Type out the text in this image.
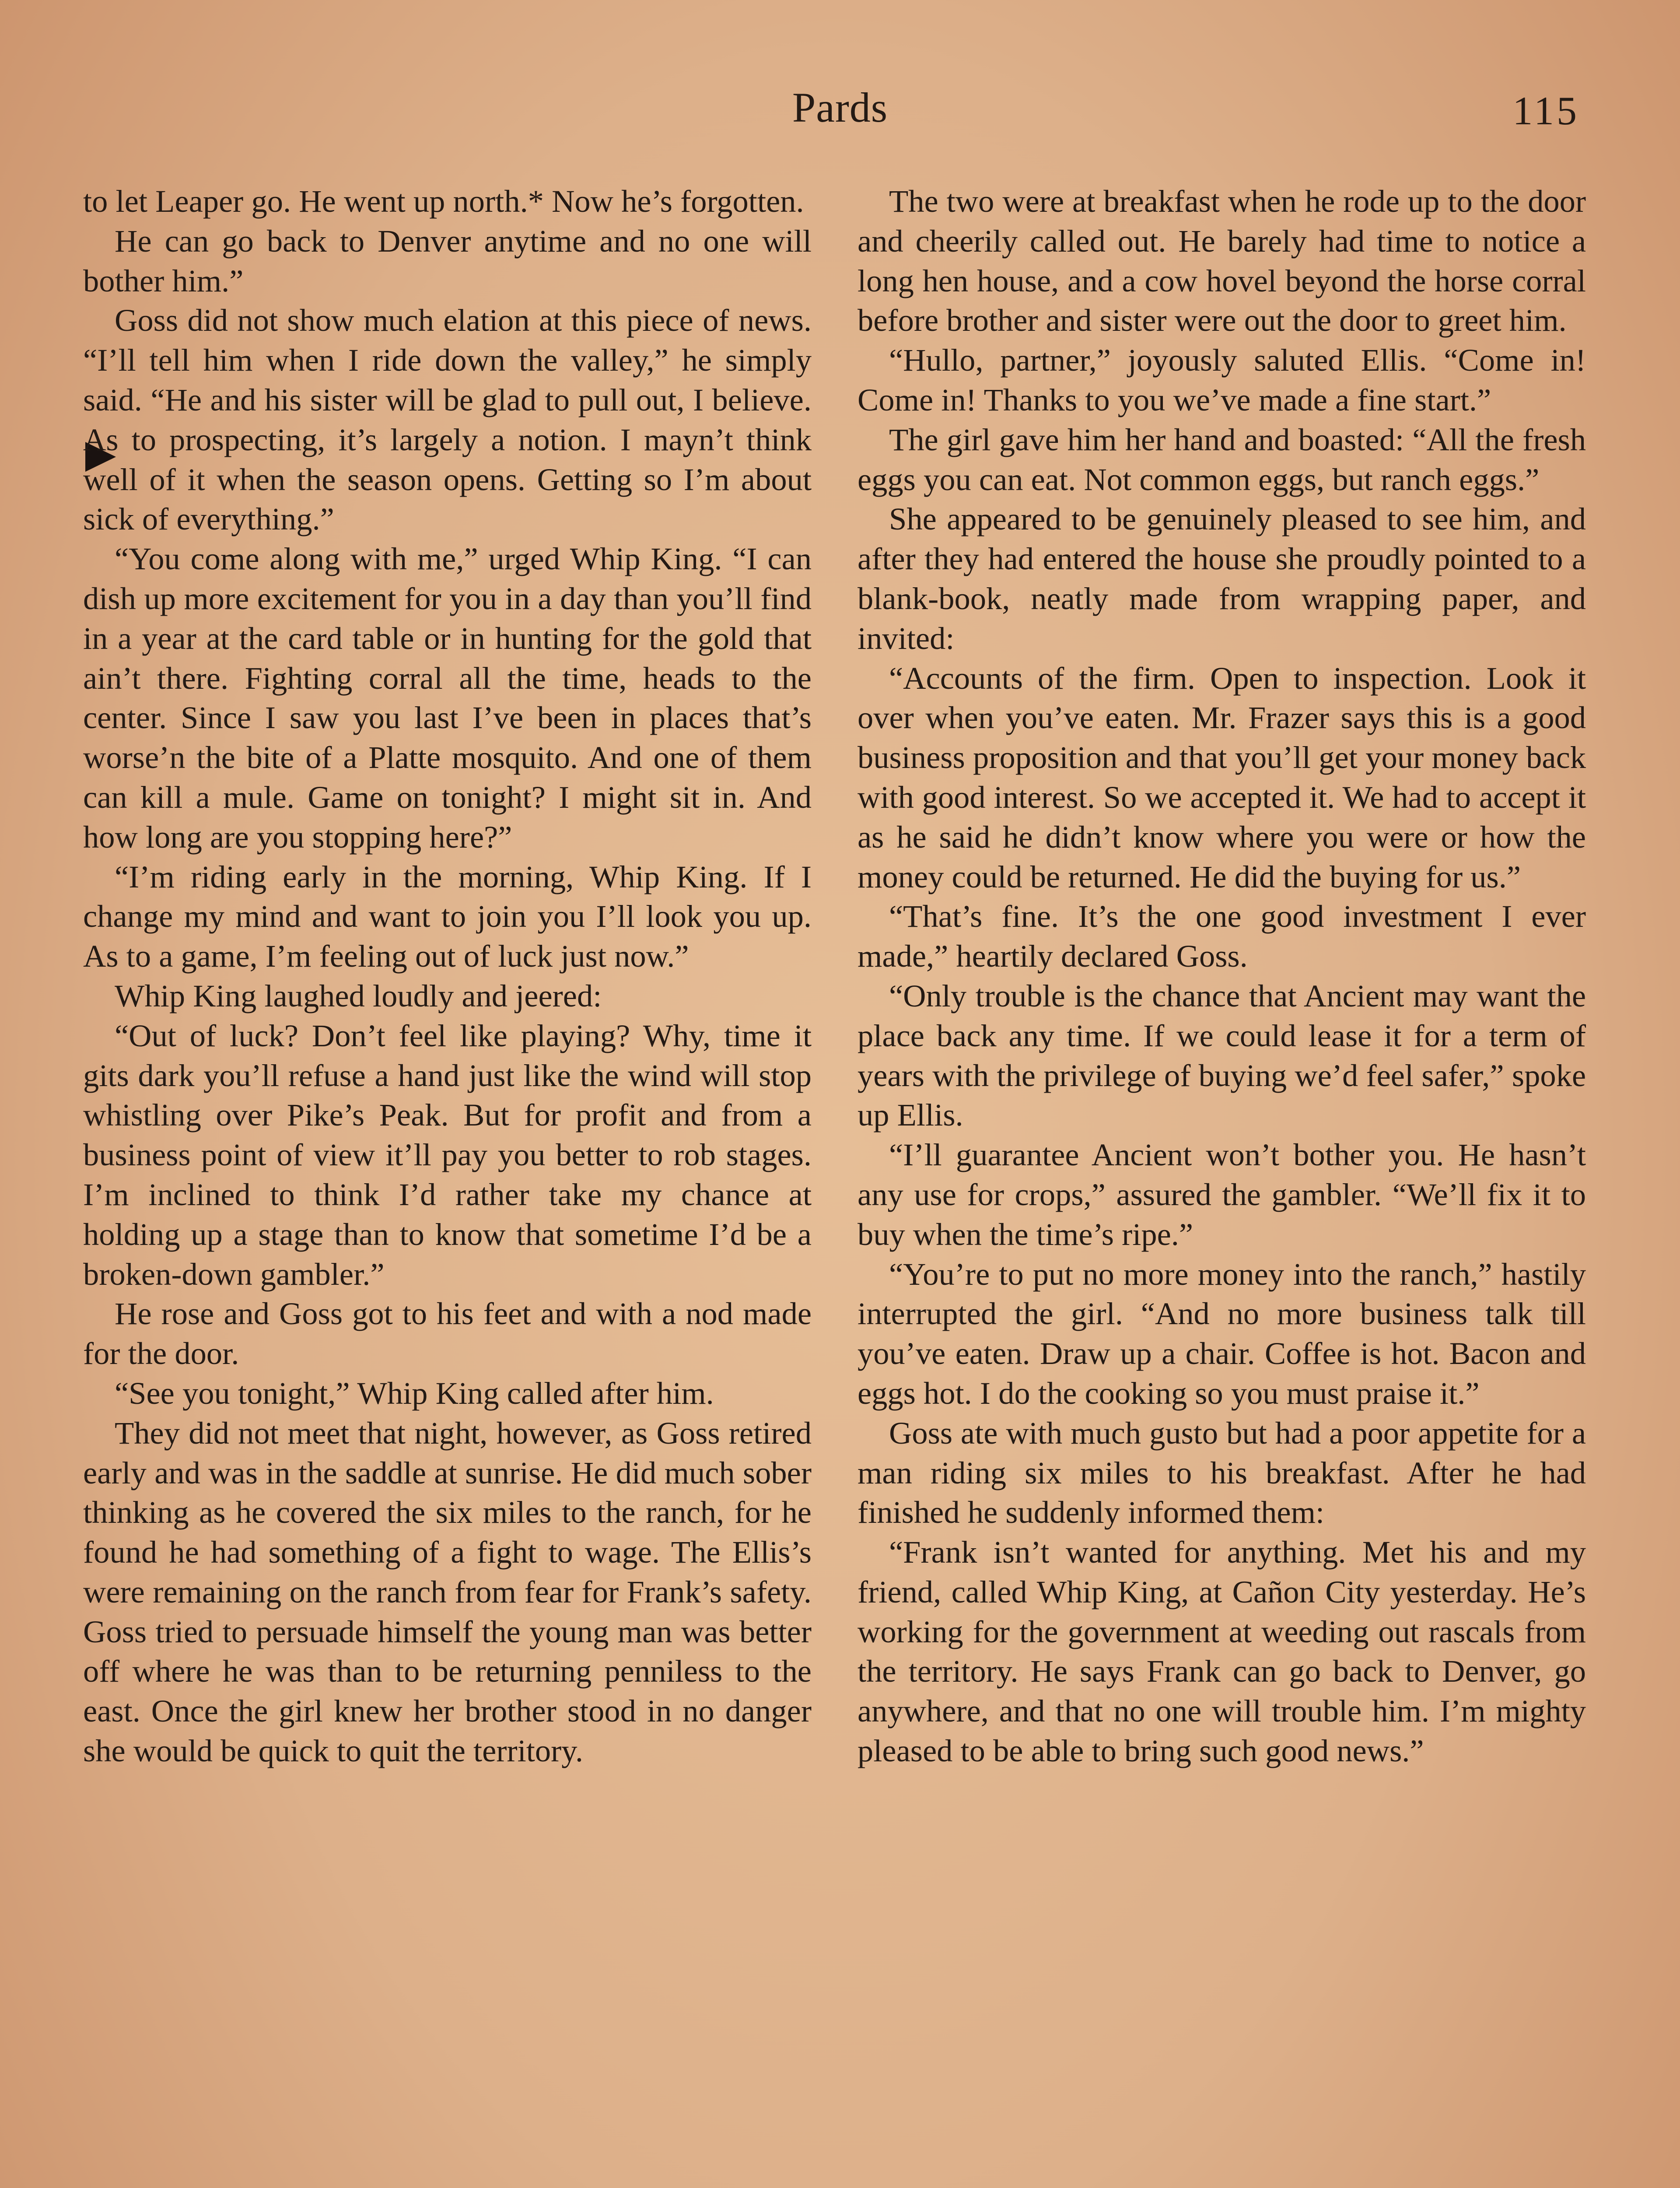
Pards	115

to let Leaper go. He went up north.* Now he’s forgotten.

He can go back to Denver anytime and no one will bother him.”

Goss did not show much elation at this piece of news. “I’ll tell him when I ride down the valley,” he simply said. “He and his sister will be glad to pull out, I believe. As to prospecting, it’s largely a notion. I mayn’t think well of it when the season opens. Getting so I’m about sick of everything.”

“You come along with me,” urged Whip King. “I can dish up more excitement for you in a day than you’ll find in a year at the card table or in hunting for the gold that ain’t there. Fighting corral all the time, heads to the center. Since I saw you last I’ve been in places that’s worse’n the bite of a Platte mosquito. And one of them can kill a mule. Game on tonight? I might sit in. And how long are you stopping here?”

“I’m riding early in the morning, Whip King. If I change my mind and want to join you I’ll look you up. As to a game, I’m feeling out of luck just now.”

Whip King laughed loudly and jeered:

“Out of luck? Don’t feel like playing? Why, time it gits dark you’ll refuse a hand just like the wind will stop whistling over Pike’s Peak. But for profit and from a business point of view it’ll pay you better to rob stages. I’m inclined to think I’d rather take my chance at holding up a stage than to know that sometime I’d be a broken-down gambler.”

He rose and Goss got to his feet and with a nod made for the door.

“See you tonight,” Whip King called after him.

They did not meet that night, however, as Goss retired early and was in the saddle at sunrise. He did much sober thinking as he covered the six miles to the ranch, for he found he had something of a fight to wage. The Ellis’s were remaining on the ranch from fear for Frank’s safety. Goss tried to persuade himself the young man was better off where he was than to be returning penniless to the east. Once the girl knew her brother stood in no danger she would be quick to quit the territory.

The two were at breakfast when he rode up to the door and cheerily called out. He barely had time to notice a long hen house, and a cow hovel beyond the horse corral before brother and sister were out the door to greet him.

“Hullo, partner,” joyously saluted Ellis. “Come in! Come in! Thanks to you we’ve made a fine start.”

The girl gave him her hand and boasted: “All the fresh eggs you can eat. Not common eggs, but ranch eggs.”

She appeared to be genuinely pleased to see him, and after they had entered the house she proudly pointed to a blank-book, neatly made from wrapping paper, and invited:

“Accounts of the firm. Open to inspection. Look it over when you’ve eaten. Mr. Frazer says this is a good business proposition and that you’ll get your money back with good interest. So we accepted it. We had to accept it as he said he didn’t know where you were or how the money could be returned. He did the buying for us.”

“That’s fine. It’s the one good investment I ever made,” heartily declared Goss.

“Only trouble is the chance that Ancient may want the place back any time. If we could lease it for a term of years with the privilege of buying we’d feel safer,” spoke up Ellis.

“I’ll guarantee Ancient won’t bother you. He hasn’t any use for crops,” assured the gambler. “We’ll fix it to buy when the time’s ripe.”

“You’re to put no more money into the ranch,” hastily interrupted the girl. “And no more business talk till you’ve eaten. Draw up a chair. Coffee is hot. Bacon and eggs hot. I do the cooking so you must praise it.”

Goss ate with much gusto but had a poor appetite for a man riding six miles to his breakfast. After he had finished he suddenly informed them:

“Frank isn’t wanted for anything. Met his and my friend, called Whip King, at Cañon City yesterday. He’s working for the government at weeding out rascals from the territory. He says Frank can go back to Denver, go anywhere, and that no one will trouble him. I’m mighty pleased to be able to bring such good news.”
